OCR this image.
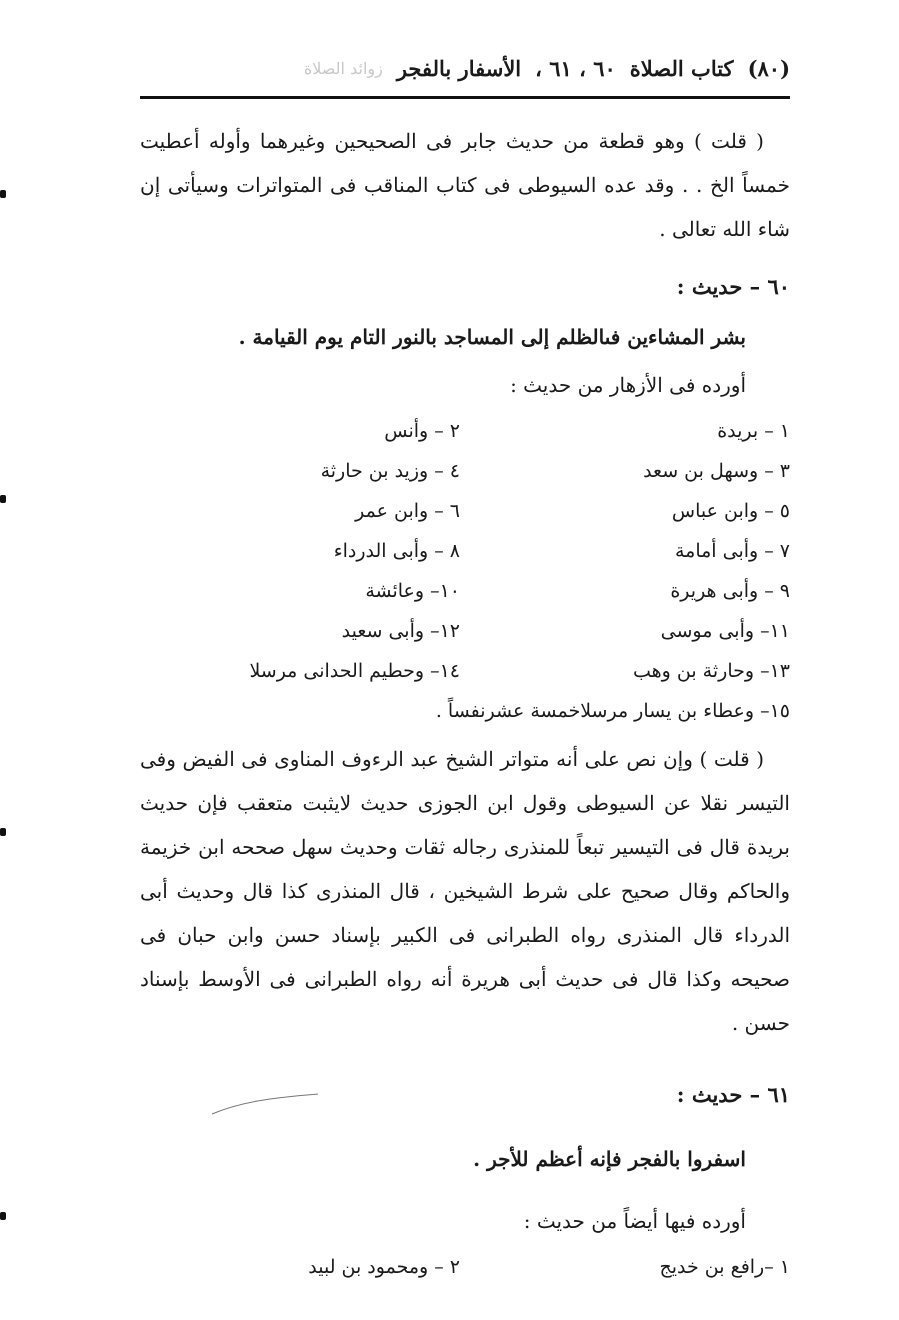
(٨٠)
كتاب الصلاة
٦٠ ، ٦١ ،
الأسفار بالفجر
زوائد الصلاة

( قلت ) وهو قطعة من حديث جابر فى الصحيحين وغيرهما وأوله أعطيت خمساً الخ . . وقد عده السيوطى فى كتاب المناقب فى المتواترات وسيأتى إن شاء الله تعالى .

٦٠ – حديث :

بشر المشاءين فىالظلم إلى المساجد بالنور التام يوم القيامة .

أورده فى الأزهار من حديث :

١ – بريدة
٢ – وأنس
٣ – وسهل بن سعد
٤ – وزيد بن حارثة
٥ – وابن عباس
٦ – وابن عمر
٧ – وأبى أمامة
٨ – وأبى الدرداء
٩ – وأبى هريرة
١٠– وعائشة
١١– وأبى موسى
١٢– وأبى سعيد
١٣– وحارثة بن وهب
١٤– وحطيم الحدانى مرسلا
١٥– وعطاء بن يسار مرسلاخمسة عشرنفساً .

( قلت ) وإن نص على أنه متواتر الشيخ عبد الرءوف المناوى فى الفيض وفى التيسر نقلا عن السيوطى وقول ابن الجوزى حديث لايثبت متعقب فإن حديث بريدة قال فى التيسير تبعاً للمنذرى رجاله ثقات وحديث سهل صححه ابن خزيمة والحاكم وقال صحيح على شرط الشيخين ، قال المنذرى كذا قال وحديث أبى الدرداء قال المنذرى رواه الطبرانى فى الكبير بإسناد حسن وابن حبان فى صحيحه وكذا قال فى حديث أبى هريرة أنه رواه الطبرانى فى الأوسط بإسناد حسن .

٦١ – حديث :

اسفروا بالفجر فإنه أعظم للأجر .

أورده فيها أيضاً من حديث :

١ –رافع بن خديج
٢ – ومحمود بن لبيد
